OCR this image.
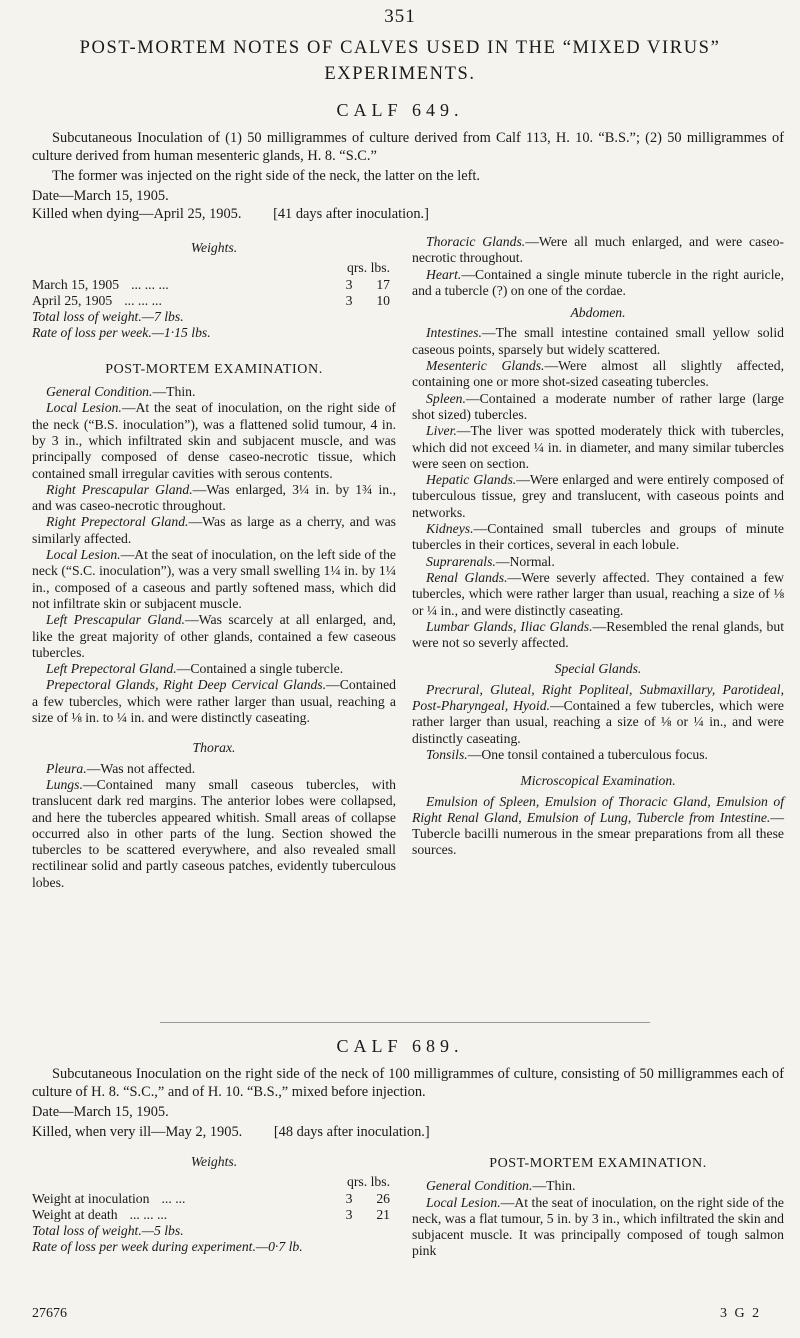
351
POST-MORTEM NOTES OF CALVES USED IN THE “MIXED VIRUS”
EXPERIMENTS.
CALF 649.

Subcutaneous Inoculation of (1) 50 milligrammes of culture derived from Calf 113, H. 10. “B.S.”; (2) 50 milligrammes of culture derived from human mesenteric glands, H. 8. “S.C.”

The former was injected on the right side of the neck, the latter on the left.

Date—March 15, 1905.
Killed when dying—April 25, 1905. [41 days after inoculation.]
Weights.
qrs. lbs.
March 15, 1905 ... ... ...	3 17
April 25, 1905 ... ... ...	3 10

Total loss of weight.—7 lbs.

Rate of loss per week.—1·15 lbs.

POST-MORTEM EXAMINATION.

General Condition.—Thin.

Local Lesion.—At the seat of inoculation, on the right side of the neck (“B.S. inoculation”), was a flattened solid tumour, 4 in. by 3 in., which infiltrated skin and subjacent muscle, and was principally composed of dense caseo-necrotic tissue, which contained small irregular cavities with serous contents.

Right Prescapular Gland.—Was enlarged, 3¼ in. by 1¾ in., and was caseo-necrotic throughout.

Right Prepectoral Gland.—Was as large as a cherry, and was similarly affected.

Local Lesion.—At the seat of inoculation, on the left side of the neck (“S.C. inoculation”), was a very small swelling 1¼ in. by 1¼ in., composed of a caseous and partly softened mass, which did not infiltrate skin or subjacent muscle.

Left Prescapular Gland.—Was scarcely at all enlarged, and, like the great majority of other glands, contained a few caseous tubercles.

Left Prepectoral Gland.—Contained a single tubercle.

Prepectoral Glands, Right Deep Cervical Glands.—Contained a few tubercles, which were rather larger than usual, reaching a size of ⅛ in. to ¼ in. and were distinctly caseating.

Thorax.

Pleura.—Was not affected.

Lungs.—Contained many small caseous tubercles, with translucent dark red margins. The anterior lobes were collapsed, and here the tubercles appeared whitish. Small areas of collapse occurred also in other parts of the lung. Section showed the tubercles to be scattered everywhere, and also revealed small rectilinear solid and partly caseous patches, evidently tuberculous lobes.

Thoracic Glands.—Were all much enlarged, and were caseo-necrotic throughout.

Heart.—Contained a single minute tubercle in the right auricle, and a tubercle (?) on one of the cordae.

Abdomen.

Intestines.—The small intestine contained small yellow solid caseous points, sparsely but widely scattered.

Mesenteric Glands.—Were almost all slightly affected, containing one or more shot-sized caseating tubercles.

Spleen.—Contained a moderate number of rather large (large shot sized) tubercles.

Liver.—The liver was spotted moderately thick with tubercles, which did not exceed ¼ in. in diameter, and many similar tubercles were seen on section.

Hepatic Glands.—Were enlarged and were entirely composed of tuberculous tissue, grey and translucent, with caseous points and networks.

Kidneys.—Contained small tubercles and groups of minute tubercles in their cortices, several in each lobule.

Suprarenals.—Normal.

Renal Glands.—Were severly affected. They contained a few tubercles, which were rather larger than usual, reaching a size of ⅛ or ¼ in., and were distinctly caseating.

Lumbar Glands, Iliac Glands.—Resembled the renal glands, but were not so severly affected.

Special Glands.

Precrural, Gluteal, Right Popliteal, Submaxillary, Parotideal, Post-Pharyngeal, Hyoid.—Contained a few tubercles, which were rather larger than usual, reaching a size of ⅛ or ¼ in., and were distinctly caseating.

Tonsils.—One tonsil contained a tuberculous focus.

Microscopical Examination.

Emulsion of Spleen, Emulsion of Thoracic Gland, Emulsion of Right Renal Gland, Emulsion of Lung, Tubercle from Intestine.—Tubercle bacilli numerous in the smear preparations from all these sources.

CALF 689.

Subcutaneous Inoculation on the right side of the neck of 100 milligrammes of culture, consisting of 50 milligrammes each of culture of H. 8. “S.C.,” and of H. 10. “B.S.,” mixed before injection.

Date—March 15, 1905.
Killed, when very ill—May 2, 1905. [48 days after inoculation.]
Weights.
qrs. lbs.
Weight at inoculation ... ...	3 26
Weight at death ... ... ...	3 21

Total loss of weight.—5 lbs.

Rate of loss per week during experiment.—0·7 lb.

POST-MORTEM EXAMINATION.

General Condition.—Thin.

Local Lesion.—At the seat of inoculation, on the right side of the neck, was a flat tumour, 5 in. by 3 in., which infiltrated the skin and subjacent muscle. It was principally composed of tough salmon pink

27676	3 G 2
